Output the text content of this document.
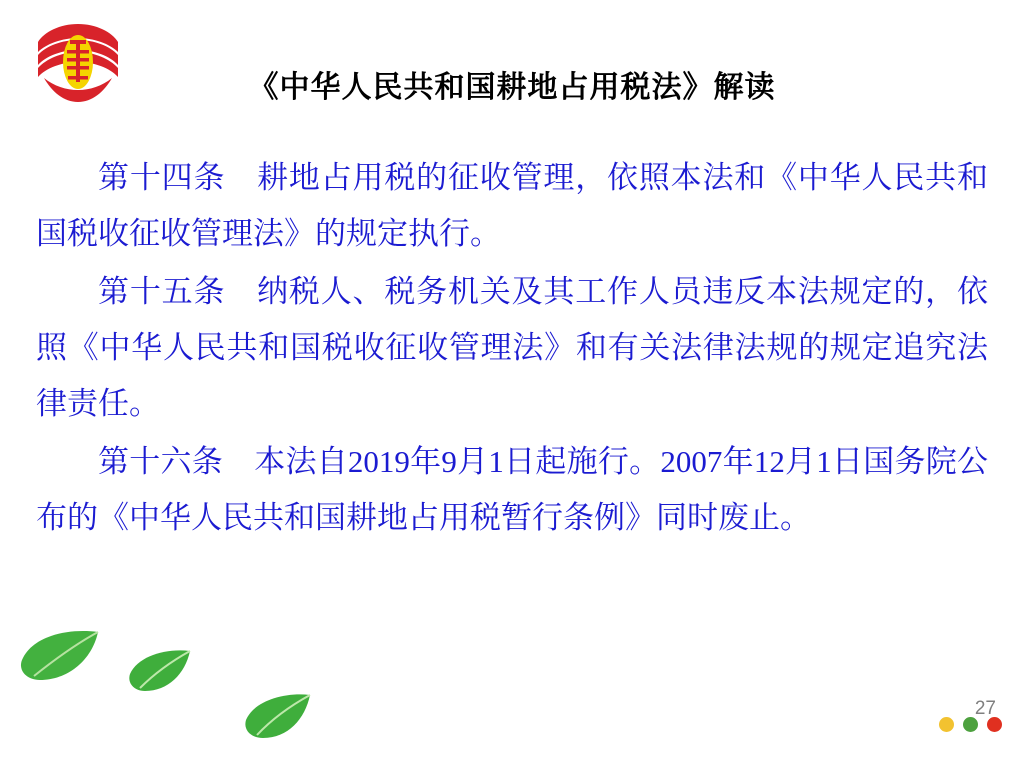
《中华人民共和国耕地占用税法》解读

第十四条　耕地占用税的征收管理，依照本法和《中华人民共和国税收征收管理法》的规定执行。

第十五条　纳税人、税务机关及其工作人员违反本法规定的，依照《中华人民共和国税收征收管理法》和有关法律法规的规定追究法律责任。

第十六条　本法自2019年9月1日起施行。2007年12月1日国务院公布的《中华人民共和国耕地占用税暂行条例》同时废止。

27
